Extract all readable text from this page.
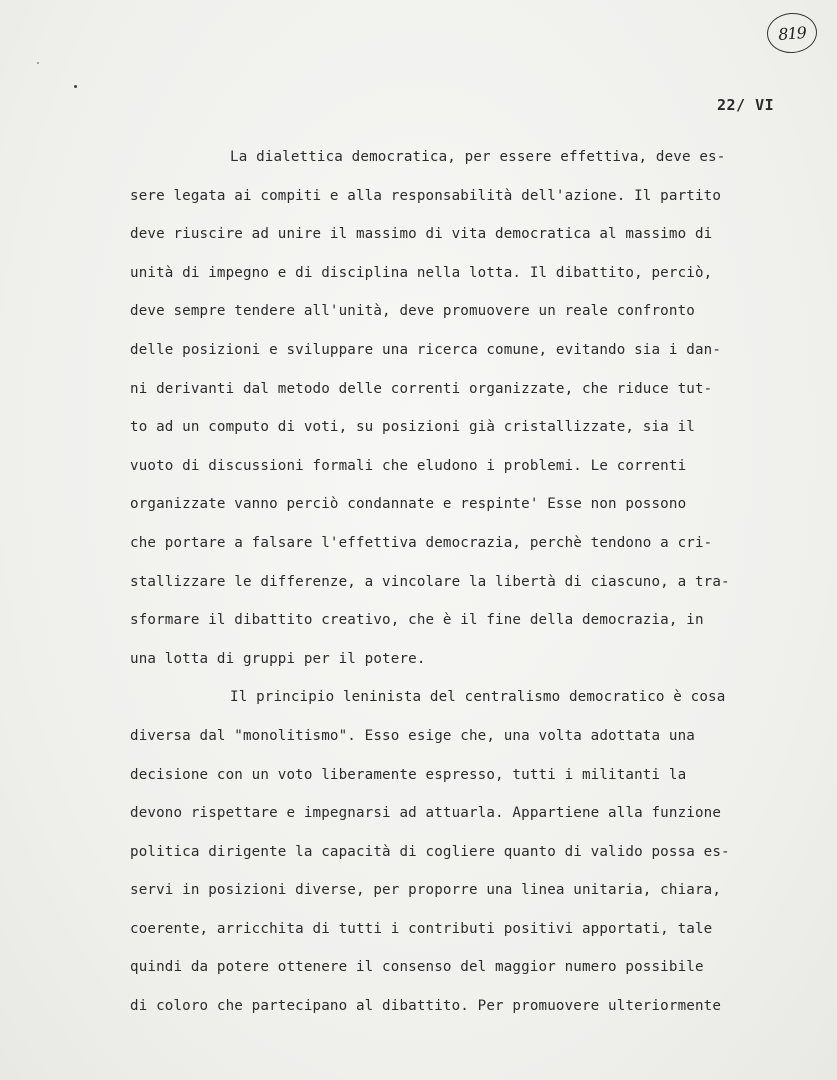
819
22/ VI
La dialettica democratica, per essere effettiva, deve es-
sere legata ai compiti e alla responsabilità dell'azione. Il partito
deve riuscire ad unire il massimo di vita democratica al massimo di
unità di impegno e di disciplina nella lotta. Il dibattito, perciò,
deve sempre tendere all'unità, deve promuovere un reale confronto
delle posizioni e sviluppare una ricerca comune, evitando sia i dan-
ni derivanti dal metodo delle correnti organizzate, che riduce tut-
to ad un computo di voti, su posizioni già cristallizzate, sia il
vuoto di discussioni formali che eludono i problemi. Le correnti
organizzate vanno perciò condannate e respinte' Esse non possono
che portare a falsare l'effettiva democrazia, perchè tendono a cri-
stallizzare le differenze, a vincolare la libertà di ciascuno, a tra-
sformare il dibattito creativo, che è il fine della democrazia, in
una lotta di gruppi per il potere.
Il principio leninista del centralismo democratico è cosa
diversa dal "monolitismo". Esso esige che, una volta adottata una
decisione con un voto liberamente espresso, tutti i militanti la
devono rispettare e impegnarsi ad attuarla. Appartiene alla funzione
politica dirigente la capacità di cogliere quanto di valido possa es-
servi in posizioni diverse, per proporre una linea unitaria, chiara,
coerente, arricchita di tutti i contributi positivi apportati, tale
quindi da potere ottenere il consenso del maggior numero possibile
di coloro che partecipano al dibattito. Per promuovere ulteriormente
